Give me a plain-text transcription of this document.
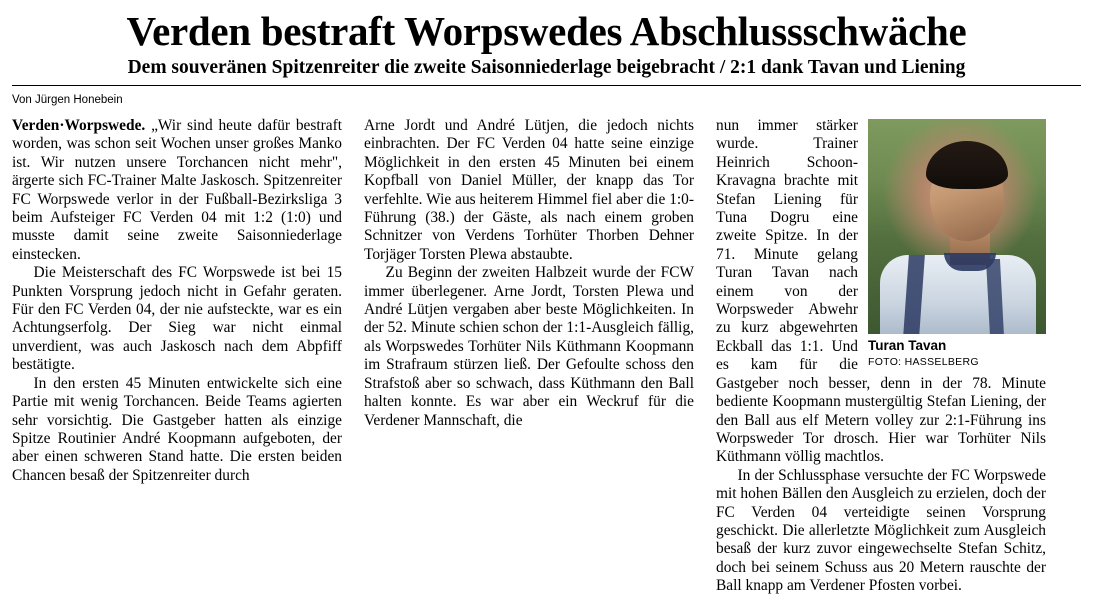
Verden bestraft Worpswedes Abschlussschwäche
Dem souveränen Spitzenreiter die zweite Saisonniederlage beigebracht / 2:1 dank Tavan und Liening
Von Jürgen Honebein

Verden·Worpswede. „Wir sind heute dafür bestraft worden, was schon seit Wochen unser großes Manko ist. Wir nutzen unsere Torchancen nicht mehr", ärgerte sich FC-Trainer Malte Jaskosch. Spitzenreiter FC Worpswede verlor in der Fußball-Bezirksliga 3 beim Aufsteiger FC Verden 04 mit 1:2 (1:0) und musste damit seine zweite Saisonniederlage einstecken.

Die Meisterschaft des FC Worpswede ist bei 15 Punkten Vorsprung jedoch nicht in Gefahr geraten. Für den FC Verden 04, der nie aufsteckte, war es ein Achtungserfolg. Der Sieg war nicht einmal unverdient, was auch Jaskosch nach dem Abpfiff bestätigte.

In den ersten 45 Minuten entwickelte sich eine Partie mit wenig Torchancen. Beide Teams agierten sehr vorsichtig. Die Gastgeber hatten als einzige Spitze Routinier André Koopmann aufgeboten, der aber einen schweren Stand hatte. Die ersten beiden Chancen besaß der Spitzenreiter durch

Arne Jordt und André Lütjen, die jedoch nichts einbrachten. Der FC Verden 04 hatte seine einzige Möglichkeit in den ersten 45 Minuten bei einem Kopfball von Daniel Müller, der knapp das Tor verfehlte. Wie aus heiterem Himmel fiel aber die 1:0-Führung (38.) der Gäste, als nach einem groben Schnitzer von Verdens Torhüter Thorben Dehner Torjäger Torsten Plewa abstaubte.

Zu Beginn der zweiten Halbzeit wurde der FCW immer überlegener. Arne Jordt, Torsten Plewa und André Lütjen vergaben aber beste Möglichkeiten. In der 52. Minute schien schon der 1:1-Ausgleich fällig, als Worpswedes Torhüter Nils Küthmann Koopmann im Strafraum stürzen ließ. Der Gefoulte schoss den Strafstoß aber so schwach, dass Küthmann den Ball halten konnte. Es war aber ein Weckruf für die Verdener Mannschaft, die

Turan Tavan
FOTO: HASSELBERG

nun immer stärker wurde. Trainer Heinrich Schoon-Kravagna brachte mit Stefan Liening für Tuna Dogru eine zweite Spitze. In der 71. Minute gelang Turan Tavan nach einem von der Worpsweder Abwehr zu kurz abgewehrten Eckball das 1:1. Und es kam für die Gastgeber noch besser, denn in der 78. Minute bediente Koopmann mustergültig Stefan Liening, der den Ball aus elf Metern volley zur 2:1-Führung ins Worpsweder Tor drosch. Hier war Torhüter Nils Küthmann völlig machtlos.

In der Schlussphase versuchte der FC Worpswede mit hohen Bällen den Ausgleich zu erzielen, doch der FC Verden 04 verteidigte seinen Vorsprung geschickt. Die allerletzte Möglichkeit zum Ausgleich besaß der kurz zuvor eingewechselte Stefan Schitz, doch bei seinem Schuss aus 20 Metern rauschte der Ball knapp am Verdener Pfosten vorbei.
